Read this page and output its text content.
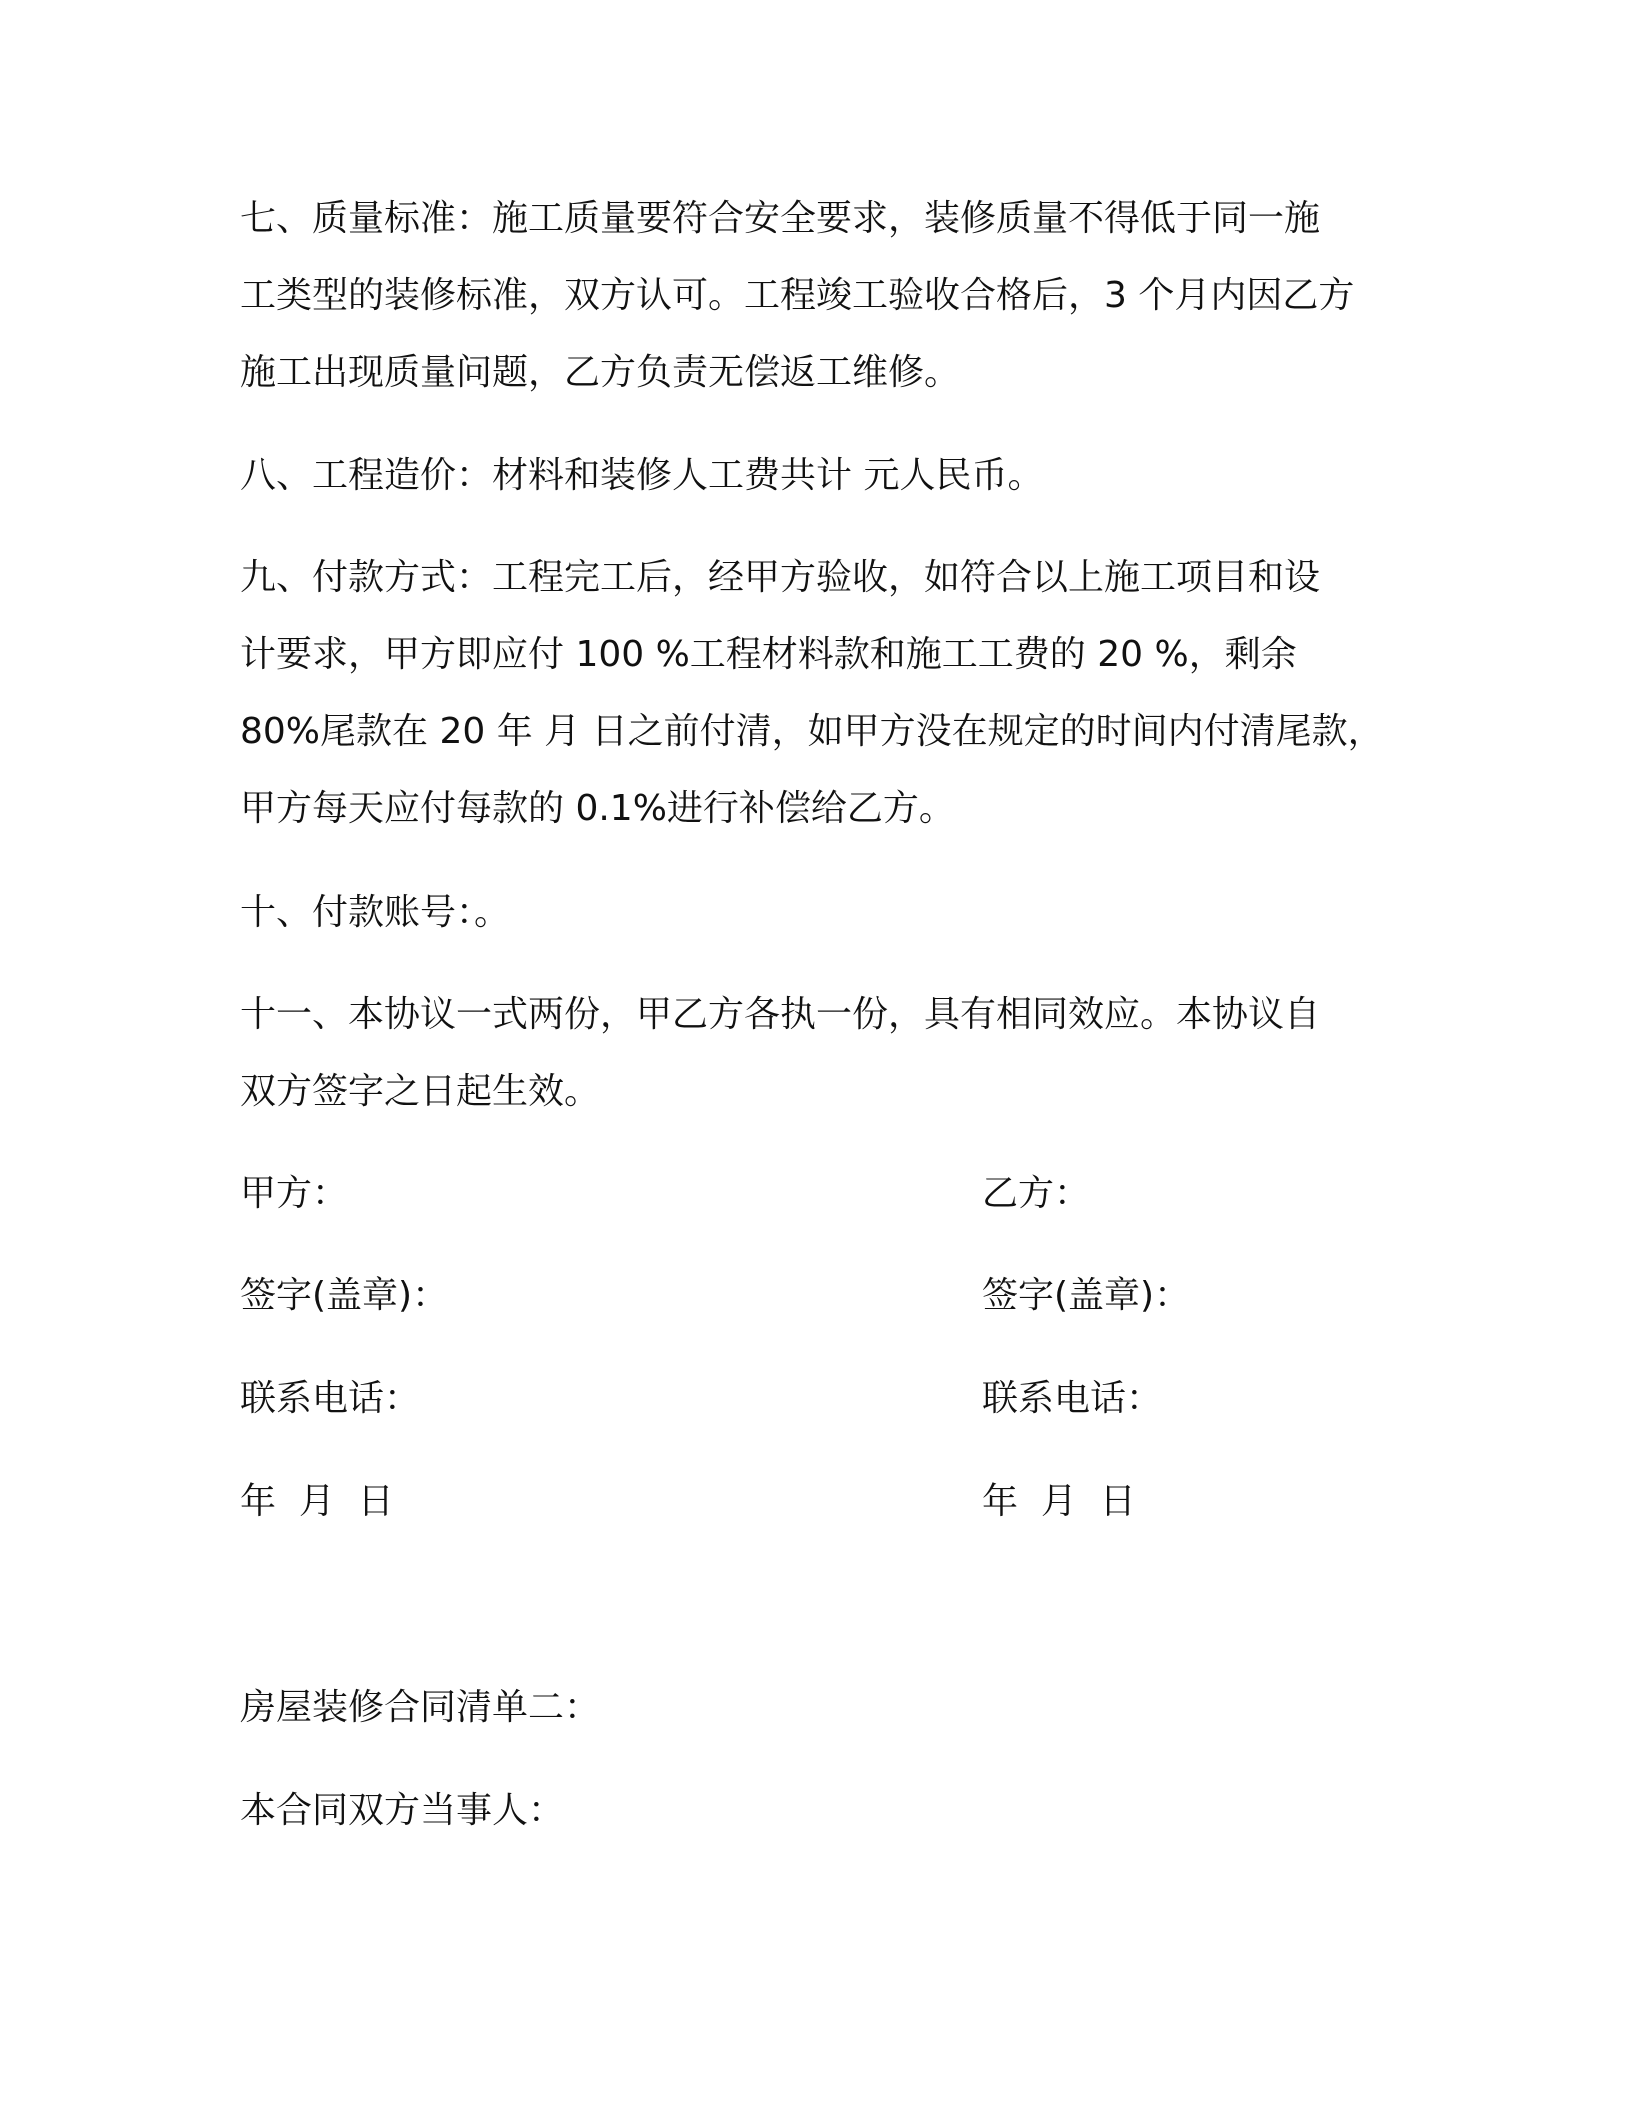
七、质量标准：施工质量要符合安全要求，装修质量不得低于同一施
工类型的装修标准，双方认可。工程竣工验收合格后，3 个月内因乙方
施工出现质量问题，乙方负责无偿返工维修。
八、工程造价：材料和装修人工费共计 元人民币。
九、付款方式：工程完工后，经甲方验收，如符合以上施工项目和设
计要求，甲方即应付 100 %工程材料款和施工工费的 20 %，剩余
80%尾款在 20 年 月 日之前付清，如甲方没在规定的时间内付清尾款，
甲方每天应付每款的 0.1%进行补偿给乙方。
十、付款账号：。
十一、本协议一式两份，甲乙方各执一份，具有相同效应。本协议自
双方签字之日起生效。
甲方：
签字(盖章)：
联系电话：
年  月  日
乙方：
签字(盖章)：
联系电话：
年  月  日
房屋装修合同清单二：
本合同双方当事人：
